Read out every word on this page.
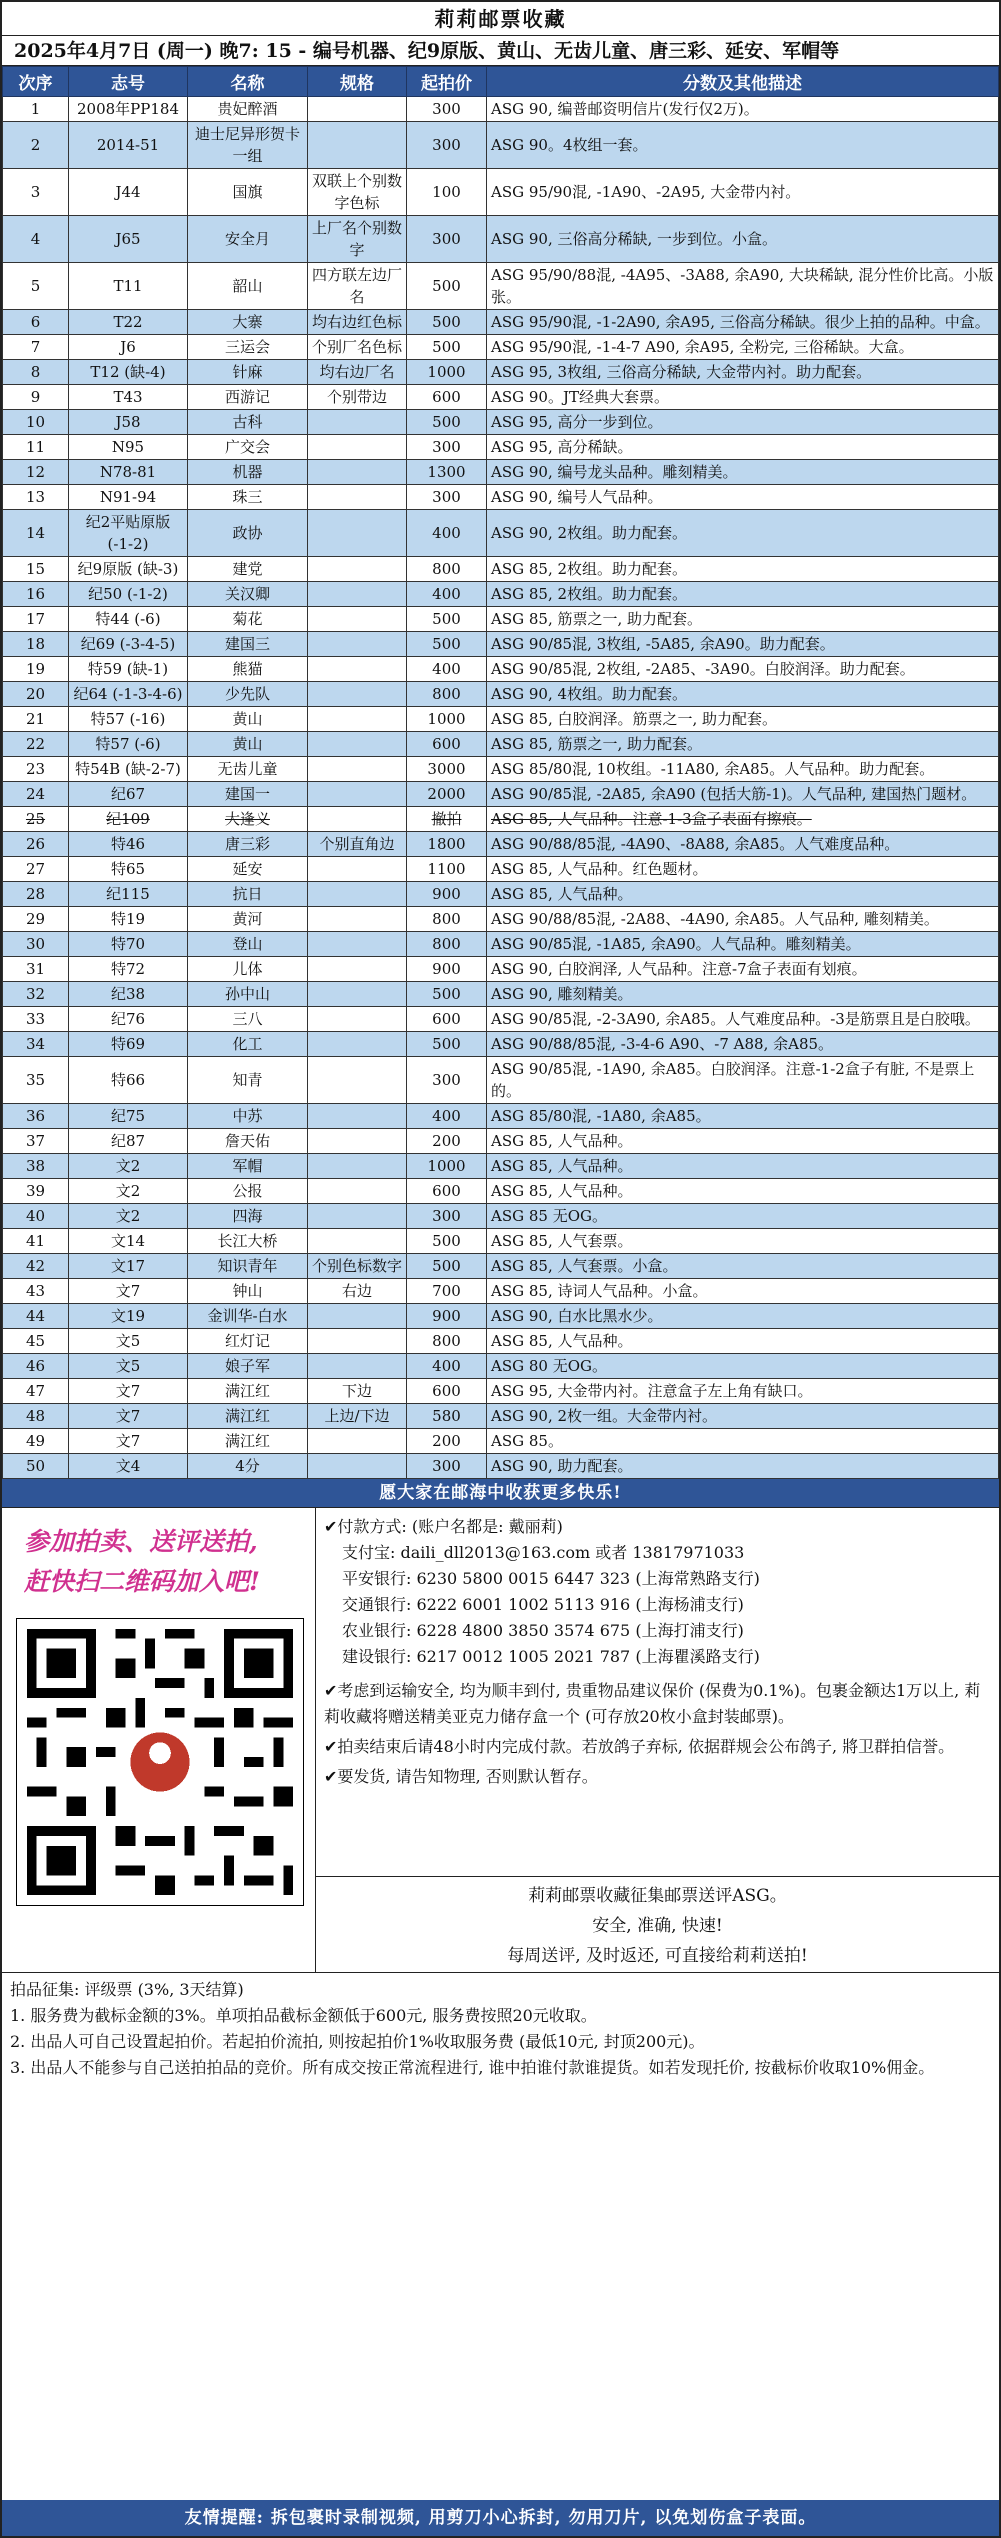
莉莉邮票收藏
2025年4月7日 (周一) 晚7: 15 - 编号机器、纪9原版、黄山、无齿儿童、唐三彩、延安、军帽等
次序	志号	名称	规格	起拍价	分数及其他描述
1	2008年PP184	贵妃醉酒		300	ASG 90, 编普邮资明信片(发行仅2万)。
2	2014-51	迪士尼异形贺卡一组		300	ASG 90。4枚组一套。
3	J44	国旗	双联上个别数字色标	100	ASG 95/90混, -1A90、-2A95, 大金带内衬。
4	J65	安全月	上厂名个别数字	300	ASG 90, 三俗高分稀缺, 一步到位。小盒。
5	T11	韶山	四方联左边厂名	500	ASG 95/90/88混, -4A95、-3A88, 余A90, 大块稀缺, 混分性价比高。小版张。
6	T22	大寨	均右边红色标	500	ASG 95/90混, -1-2A90, 余A95, 三俗高分稀缺。很少上拍的品种。中盒。
7	J6	三运会	个别厂名色标	500	ASG 95/90混, -1-4-7 A90, 余A95, 全粉完, 三俗稀缺。大盒。
8	T12 (缺-4)	针麻	均右边厂名	1000	ASG 95, 3枚组, 三俗高分稀缺, 大金带内衬。助力配套。
9	T43	西游记	个别带边	600	ASG 90。JT经典大套票。
10	J58	古科		500	ASG 95, 高分一步到位。
11	N95	广交会		300	ASG 95, 高分稀缺。
12	N78-81	机器		1300	ASG 90, 编号龙头品种。雕刻精美。
13	N91-94	珠三		300	ASG 90, 编号人气品种。
14	纪2平贴原版(-1-2)	政协		400	ASG 90, 2枚组。助力配套。
15	纪9原版 (缺-3)	建党		800	ASG 85, 2枚组。助力配套。
16	纪50 (-1-2)	关汉卿		400	ASG 85, 2枚组。助力配套。
17	特44 (-6)	菊花		500	ASG 85, 筋票之一, 助力配套。
18	纪69 (-3-4-5)	建国三		500	ASG 90/85混, 3枚组, -5A85, 余A90。助力配套。
19	特59 (缺-1)	熊猫		400	ASG 90/85混, 2枚组, -2A85、-3A90。白胶润泽。助力配套。
20	纪64 (-1-3-4-6)	少先队		800	ASG 90, 4枚组。助力配套。
21	特57 (-16)	黄山		1000	ASG 85, 白胶润泽。筋票之一, 助力配套。
22	特57 (-6)	黄山		600	ASG 85, 筋票之一, 助力配套。
23	特54B (缺-2-7)	无齿儿童		3000	ASG 85/80混, 10枚组。-11A80, 余A85。人气品种。助力配套。
24	纪67	建国一		2000	ASG 90/85混, -2A85, 余A90 (包括大筋-1)。人气品种, 建国热门题材。
25	纪109	大逢义		撤拍	ASG 85, 人气品种。注意-1-3盒子表面有擦痕。
26	特46	唐三彩	个别直角边	1800	ASG 90/88/85混, -4A90、-8A88, 余A85。人气难度品种。
27	特65	延安		1100	ASG 85, 人气品种。红色题材。
28	纪115	抗日		900	ASG 85, 人气品种。
29	特19	黄河		800	ASG 90/88/85混, -2A88、-4A90, 余A85。人气品种, 雕刻精美。
30	特70	登山		800	ASG 90/85混, -1A85, 余A90。人气品种。雕刻精美。
31	特72	儿体		900	ASG 90, 白胶润泽, 人气品种。注意-7盒子表面有划痕。
32	纪38	孙中山		500	ASG 90, 雕刻精美。
33	纪76	三八		600	ASG 90/85混, -2-3A90, 余A85。人气难度品种。-3是筋票且是白胶哦。
34	特69	化工		500	ASG 90/88/85混, -3-4-6 A90、-7 A88, 余A85。
35	特66	知青		300	ASG 90/85混, -1A90, 余A85。白胶润泽。注意-1-2盒子有脏, 不是票上的。
36	纪75	中苏		400	ASG 85/80混, -1A80, 余A85。
37	纪87	詹天佑		200	ASG 85, 人气品种。
38	文2	军帽		1000	ASG 85, 人气品种。
39	文2	公报		600	ASG 85, 人气品种。
40	文2	四海		300	ASG 85 无OG。
41	文14	长江大桥		500	ASG 85, 人气套票。
42	文17	知识青年	个别色标数字	500	ASG 85, 人气套票。小盒。
43	文7	钟山	右边	700	ASG 85, 诗词人气品种。小盒。
44	文19	金训华-白水		900	ASG 90, 白水比黑水少。
45	文5	红灯记		800	ASG 85, 人气品种。
46	文5	娘子军		400	ASG 80 无OG。
47	文7	满江红	下边	600	ASG 95, 大金带内衬。注意盒子左上角有缺口。
48	文7	满江红	上边/下边	580	ASG 90, 2枚一组。大金带内衬。
49	文7	满江红		200	ASG 85。
50	文4	4分		300	ASG 90, 助力配套。
愿大家在邮海中收获更多快乐!
参加拍卖、送评送拍,
赶快扫二维码加入吧!
✔付款方式: (账户名都是: 戴丽莉)
支付宝: daili_dll2013@163.com 或者 13817971033
平安银行: 6230 5800 0015 6447 323 (上海常熟路支行)
交通银行: 6222 6001 1002 5113 916 (上海杨浦支行)
农业银行: 6228 4800 3850 3574 675 (上海打浦支行)
建设银行: 6217 0012 1005 2021 787 (上海瞿溪路支行)

✔考虑到运输安全, 均为顺丰到付, 贵重物品建议保价 (保费为0.1%)。包裹金额达1万以上, 莉莉收藏将赠送精美亚克力储存盒一个 (可存放20枚小盒封装邮票)。

✔拍卖结束后请48小时内完成付款。若放鸽子弃标, 依据群规会公布鸽子, 將卫群拍信誉。

✔要发货, 请告知物理, 否则默认暂存。

莉莉邮票收藏征集邮票送评ASG。
安全, 准确, 快速!
每周送评, 及时返还, 可直接给莉莉送拍!
拍品征集: 评级票 (3%, 3天结算)
1. 服务费为截标金额的3%。单项拍品截标金额低于600元, 服务费按照20元收取。
2. 出品人可自己设置起拍价。若起拍价流拍, 则按起拍价1%收取服务费 (最低10元, 封顶200元)。
3. 出品人不能参与自己送拍拍品的竞价。所有成交按正常流程进行, 谁中拍谁付款谁提货。如若发现托价, 按截标价收取10%佣金。
友情提醒: 拆包裹时录制视频, 用剪刀小心拆封, 勿用刀片, 以免划伤盒子表面。
